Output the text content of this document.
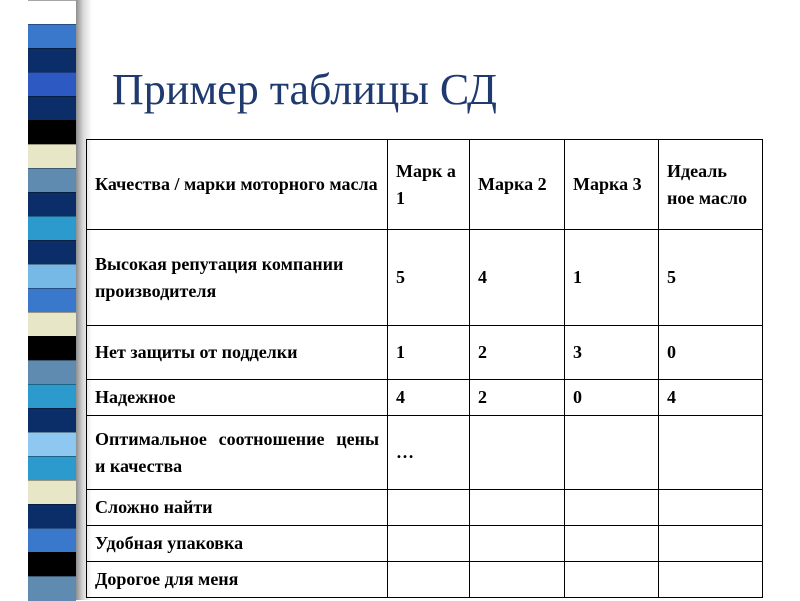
Пример таблицы СД
Качества / марки моторного масла	Марк а 1	Марка 2	Марка 3	Идеаль ное масло
Высокая репутация компании производителя	5	4	1	5
Нет защиты от подделки	1	2	3	0
Надежное	4	2	0	4
Оптимальное соотношение цены и качества	…			
Сложно найти				
Удобная упаковка				
Дорогое для меня				
